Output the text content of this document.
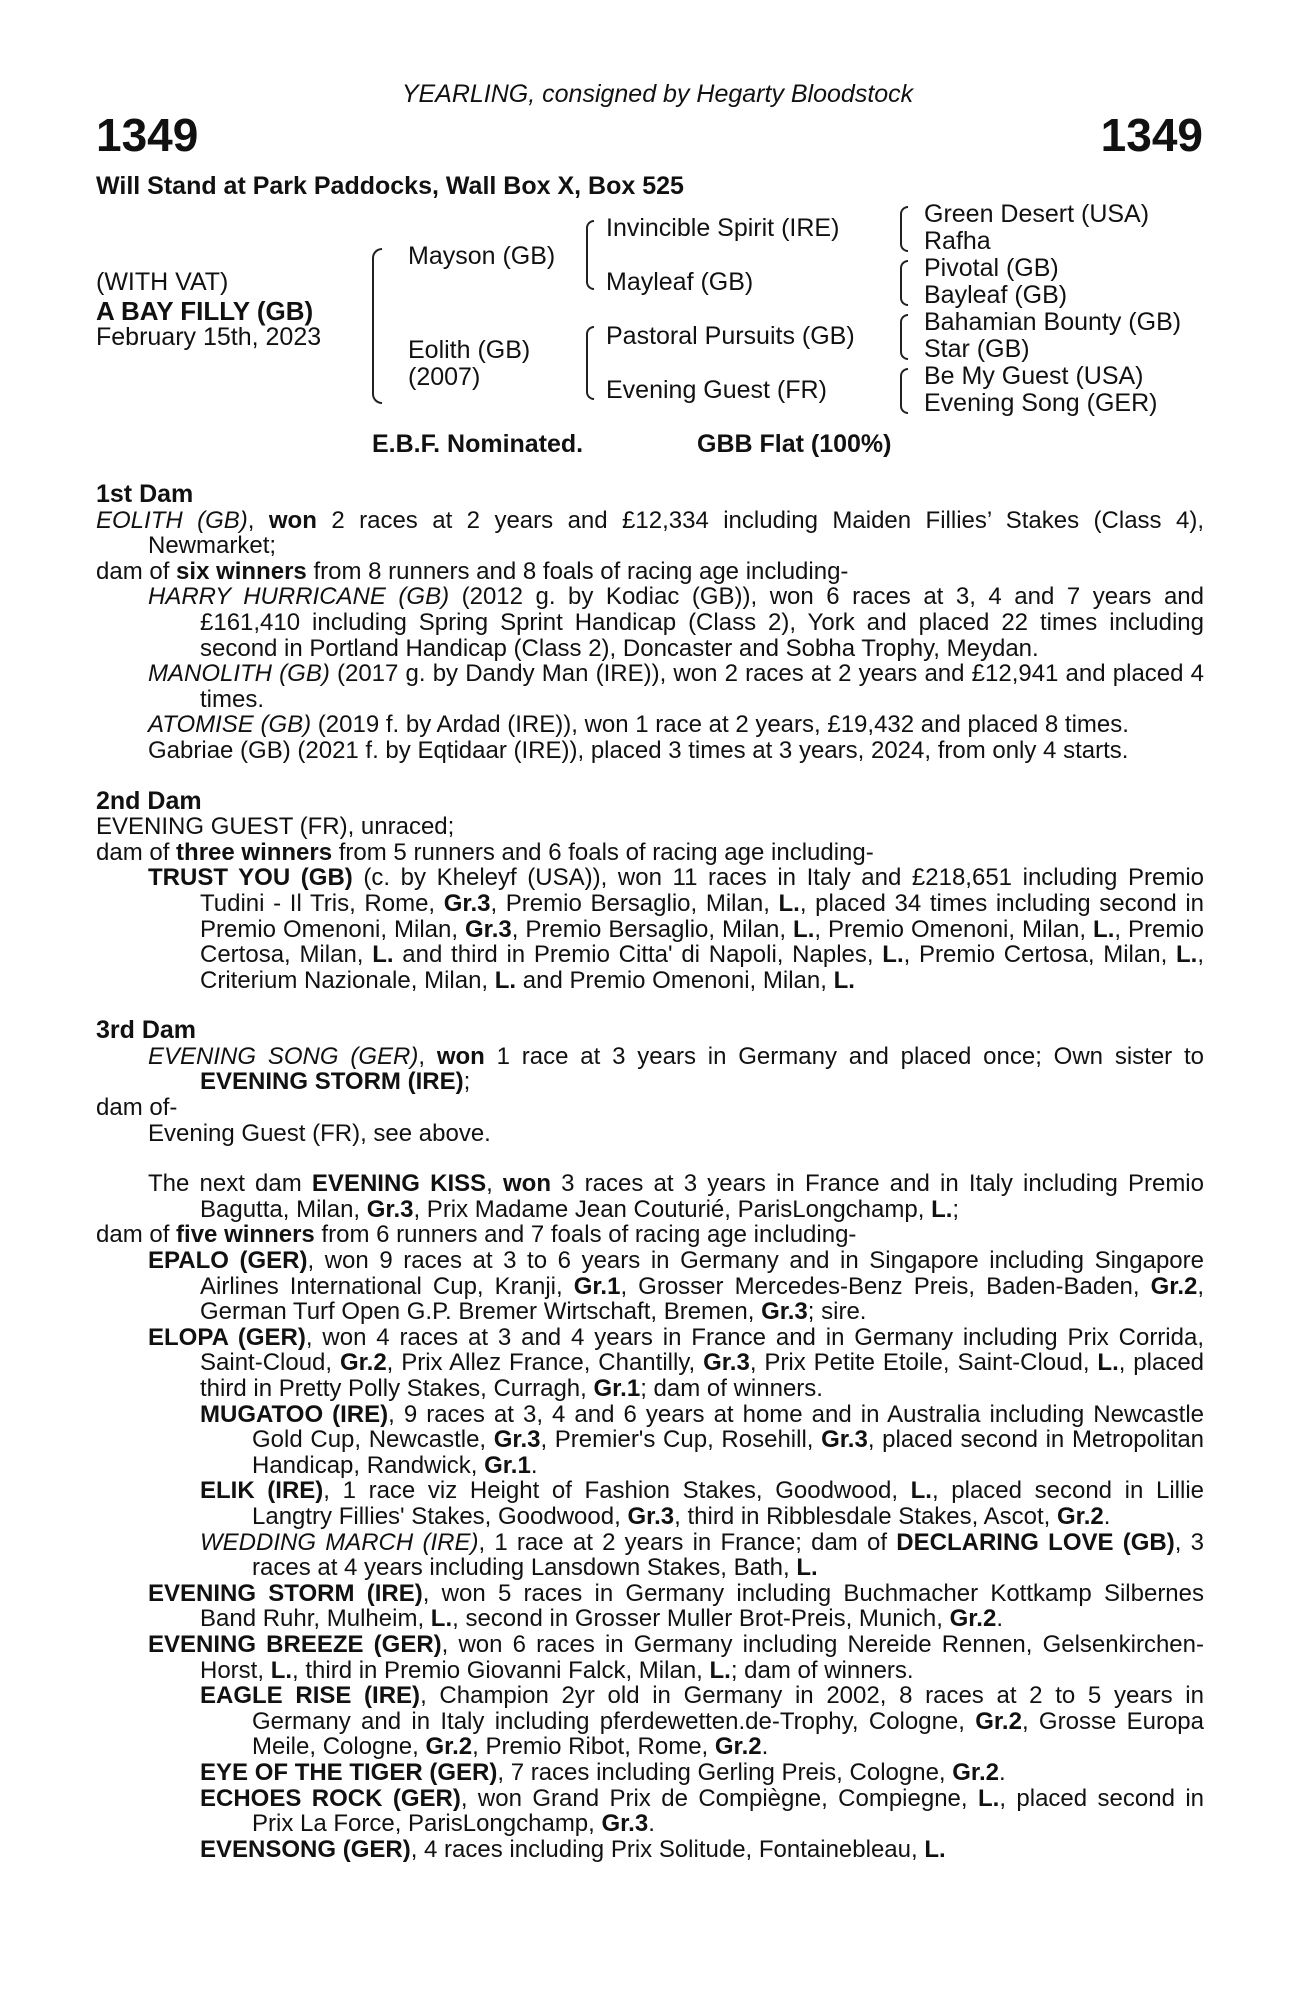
YEARLING, consigned by Hegarty Bloodstock
1349	1349
Will Stand at Park Paddocks, Wall Box X, Box 525
(WITH VAT)
A BAY FILLY (GB)
February 15th, 2023
Mayson (GB)
Eolith (GB)
(2007)
Invincible Spirit (IRE)
Mayleaf (GB)
Pastoral Pursuits (GB)
Evening Guest (FR)
Green Desert (USA)
Rafha
Pivotal (GB)
Bayleaf (GB)
Bahamian Bounty (GB)
Star (GB)
Be My Guest (USA)
Evening Song (GER)
E.B.F. Nominated.	GBB Flat (100%)
1st Dam

EOLITH (GB), won 2 races at 2 years and £12,334 including Maiden Fillies’ Stakes (Class 4), Newmarket;

dam of six winners from 8 runners and 8 foals of racing age including-

HARRY HURRICANE (GB) (2012 g. by Kodiac (GB)), won 6 races at 3, 4 and 7 years and £161,410 including Spring Sprint Handicap (Class 2), York and placed 22 times including second in Portland Handicap (Class 2), Doncaster and Sobha Trophy, Meydan.

MANOLITH (GB) (2017 g. by Dandy Man (IRE)), won 2 races at 2 years and £12,941 and placed 4 times.

ATOMISE (GB) (2019 f. by Ardad (IRE)), won 1 race at 2 years, £19,432 and placed 8 times.

Gabriae (GB) (2021 f. by Eqtidaar (IRE)), placed 3 times at 3 years, 2024, from only 4 starts.

2nd Dam

EVENING GUEST (FR), unraced;

dam of three winners from 5 runners and 6 foals of racing age including-

TRUST YOU (GB) (c. by Kheleyf (USA)), won 11 races in Italy and £218,651 including Premio Tudini - Il Tris, Rome, Gr.3, Premio Bersaglio, Milan, L., placed 34 times including second in Premio Omenoni, Milan, Gr.3, Premio Bersaglio, Milan, L., Premio Omenoni, Milan, L., Premio Certosa, Milan, L. and third in Premio Citta' di Napoli, Naples, L., Premio Certosa, Milan, L., Criterium Nazionale, Milan, L. and Premio Omenoni, Milan, L.

3rd Dam

EVENING SONG (GER), won 1 race at 3 years in Germany and placed once; Own sister to EVENING STORM (IRE);

dam of-

Evening Guest (FR), see above.

The next dam EVENING KISS, won 3 races at 3 years in France and in Italy including Premio Bagutta, Milan, Gr.3, Prix Madame Jean Couturié, ParisLongchamp, L.;

dam of five winners from 6 runners and 7 foals of racing age including-

EPALO (GER), won 9 races at 3 to 6 years in Germany and in Singapore including Singapore Airlines International Cup, Kranji, Gr.1, Grosser Mercedes-Benz Preis, Baden-Baden, Gr.2, German Turf Open G.P. Bremer Wirtschaft, Bremen, Gr.3; sire.

ELOPA (GER), won 4 races at 3 and 4 years in France and in Germany including Prix Corrida, Saint-Cloud, Gr.2, Prix Allez France, Chantilly, Gr.3, Prix Petite Etoile, Saint-Cloud, L., placed third in Pretty Polly Stakes, Curragh, Gr.1; dam of winners.

MUGATOO (IRE), 9 races at 3, 4 and 6 years at home and in Australia including Newcastle Gold Cup, Newcastle, Gr.3, Premier's Cup, Rosehill, Gr.3, placed second in Metropolitan Handicap, Randwick, Gr.1.

ELIK (IRE), 1 race viz Height of Fashion Stakes, Goodwood, L., placed second in Lillie Langtry Fillies' Stakes, Goodwood, Gr.3, third in Ribblesdale Stakes, Ascot, Gr.2.

WEDDING MARCH (IRE), 1 race at 2 years in France; dam of DECLARING LOVE (GB), 3 races at 4 years including Lansdown Stakes, Bath, L.

EVENING STORM (IRE), won 5 races in Germany including Buchmacher Kottkamp Silbernes Band Ruhr, Mulheim, L., second in Grosser Muller Brot-Preis, Munich, Gr.2.

EVENING BREEZE (GER), won 6 races in Germany including Nereide Rennen, Gelsenkirchen-Horst, L., third in Premio Giovanni Falck, Milan, L.; dam of winners.

EAGLE RISE (IRE), Champion 2yr old in Germany in 2002, 8 races at 2 to 5 years in Germany and in Italy including pferdewetten.de-Trophy, Cologne, Gr.2, Grosse Europa Meile, Cologne, Gr.2, Premio Ribot, Rome, Gr.2.

EYE OF THE TIGER (GER), 7 races including Gerling Preis, Cologne, Gr.2.

ECHOES ROCK (GER), won Grand Prix de Compiègne, Compiegne, L., placed second in Prix La Force, ParisLongchamp, Gr.3.

EVENSONG (GER), 4 races including Prix Solitude, Fontainebleau, L.
